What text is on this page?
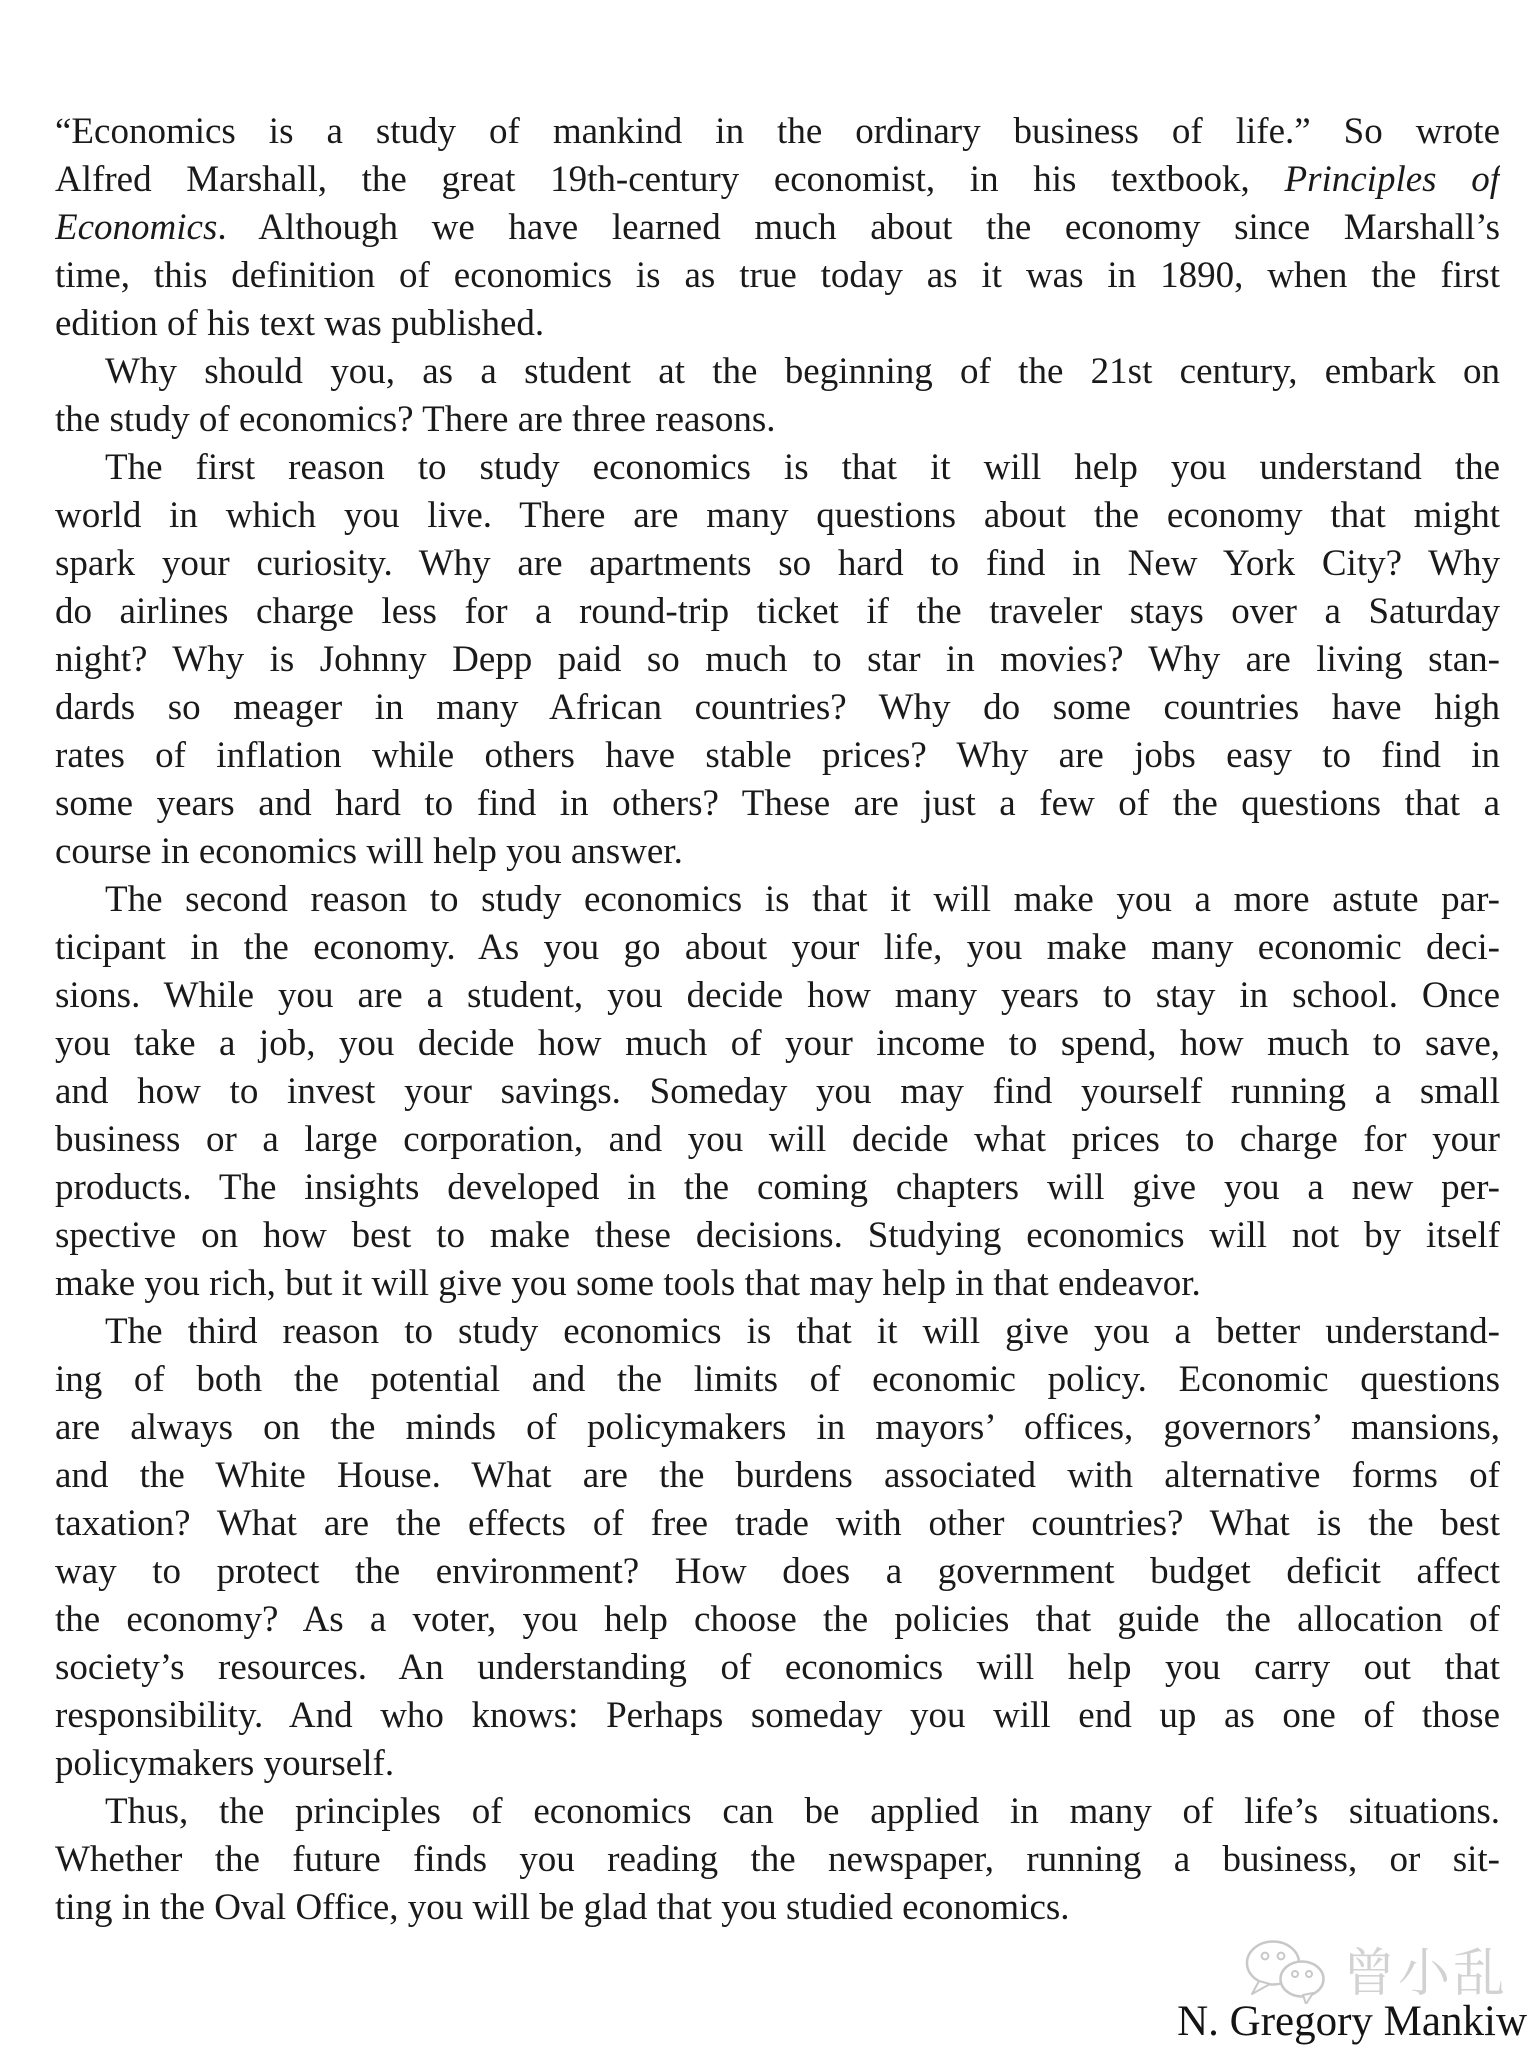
“Economics is a study of mankind in the ordinary business of life.” So wrote
Alfred Marshall, the great 19th-century economist, in his textbook, Principles of
Economics. Although we have learned much about the economy since Marshall’s
time, this definition of economics is as true today as it was in 1890, when the first
edition of his text was published.
Why should you, as a student at the beginning of the 21st century, embark on
the study of economics? There are three reasons.
The first reason to study economics is that it will help you understand the
world in which you live. There are many questions about the economy that might
spark your curiosity. Why are apartments so hard to find in New York City? Why
do airlines charge less for a round-trip ticket if the traveler stays over a Saturday
night? Why is Johnny Depp paid so much to star in movies? Why are living stan-
dards so meager in many African countries? Why do some countries have high
rates of inflation while others have stable prices? Why are jobs easy to find in
some years and hard to find in others? These are just a few of the questions that a
course in economics will help you answer.
The second reason to study economics is that it will make you a more astute par-
ticipant in the economy. As you go about your life, you make many economic deci-
sions. While you are a student, you decide how many years to stay in school. Once
you take a job, you decide how much of your income to spend, how much to save,
and how to invest your savings. Someday you may find yourself running a small
business or a large corporation, and you will decide what prices to charge for your
products. The insights developed in the coming chapters will give you a new per-
spective on how best to make these decisions. Studying economics will not by itself
make you rich, but it will give you some tools that may help in that endeavor.
The third reason to study economics is that it will give you a better understand-
ing of both the potential and the limits of economic policy. Economic questions
are always on the minds of policymakers in mayors’ offices, governors’ mansions,
and the White House. What are the burdens associated with alternative forms of
taxation? What are the effects of free trade with other countries? What is the best
way to protect the environment? How does a government budget deficit affect
the economy? As a voter, you help choose the policies that guide the allocation of
society’s resources. An understanding of economics will help you carry out that
responsibility. And who knows: Perhaps someday you will end up as one of those
policymakers yourself.
Thus, the principles of economics can be applied in many of life’s situations.
Whether the future finds you reading the newspaper, running a business, or sit-
ting in the Oval Office, you will be glad that you studied economics.
曾小乱
N. Gregory Mankiw
